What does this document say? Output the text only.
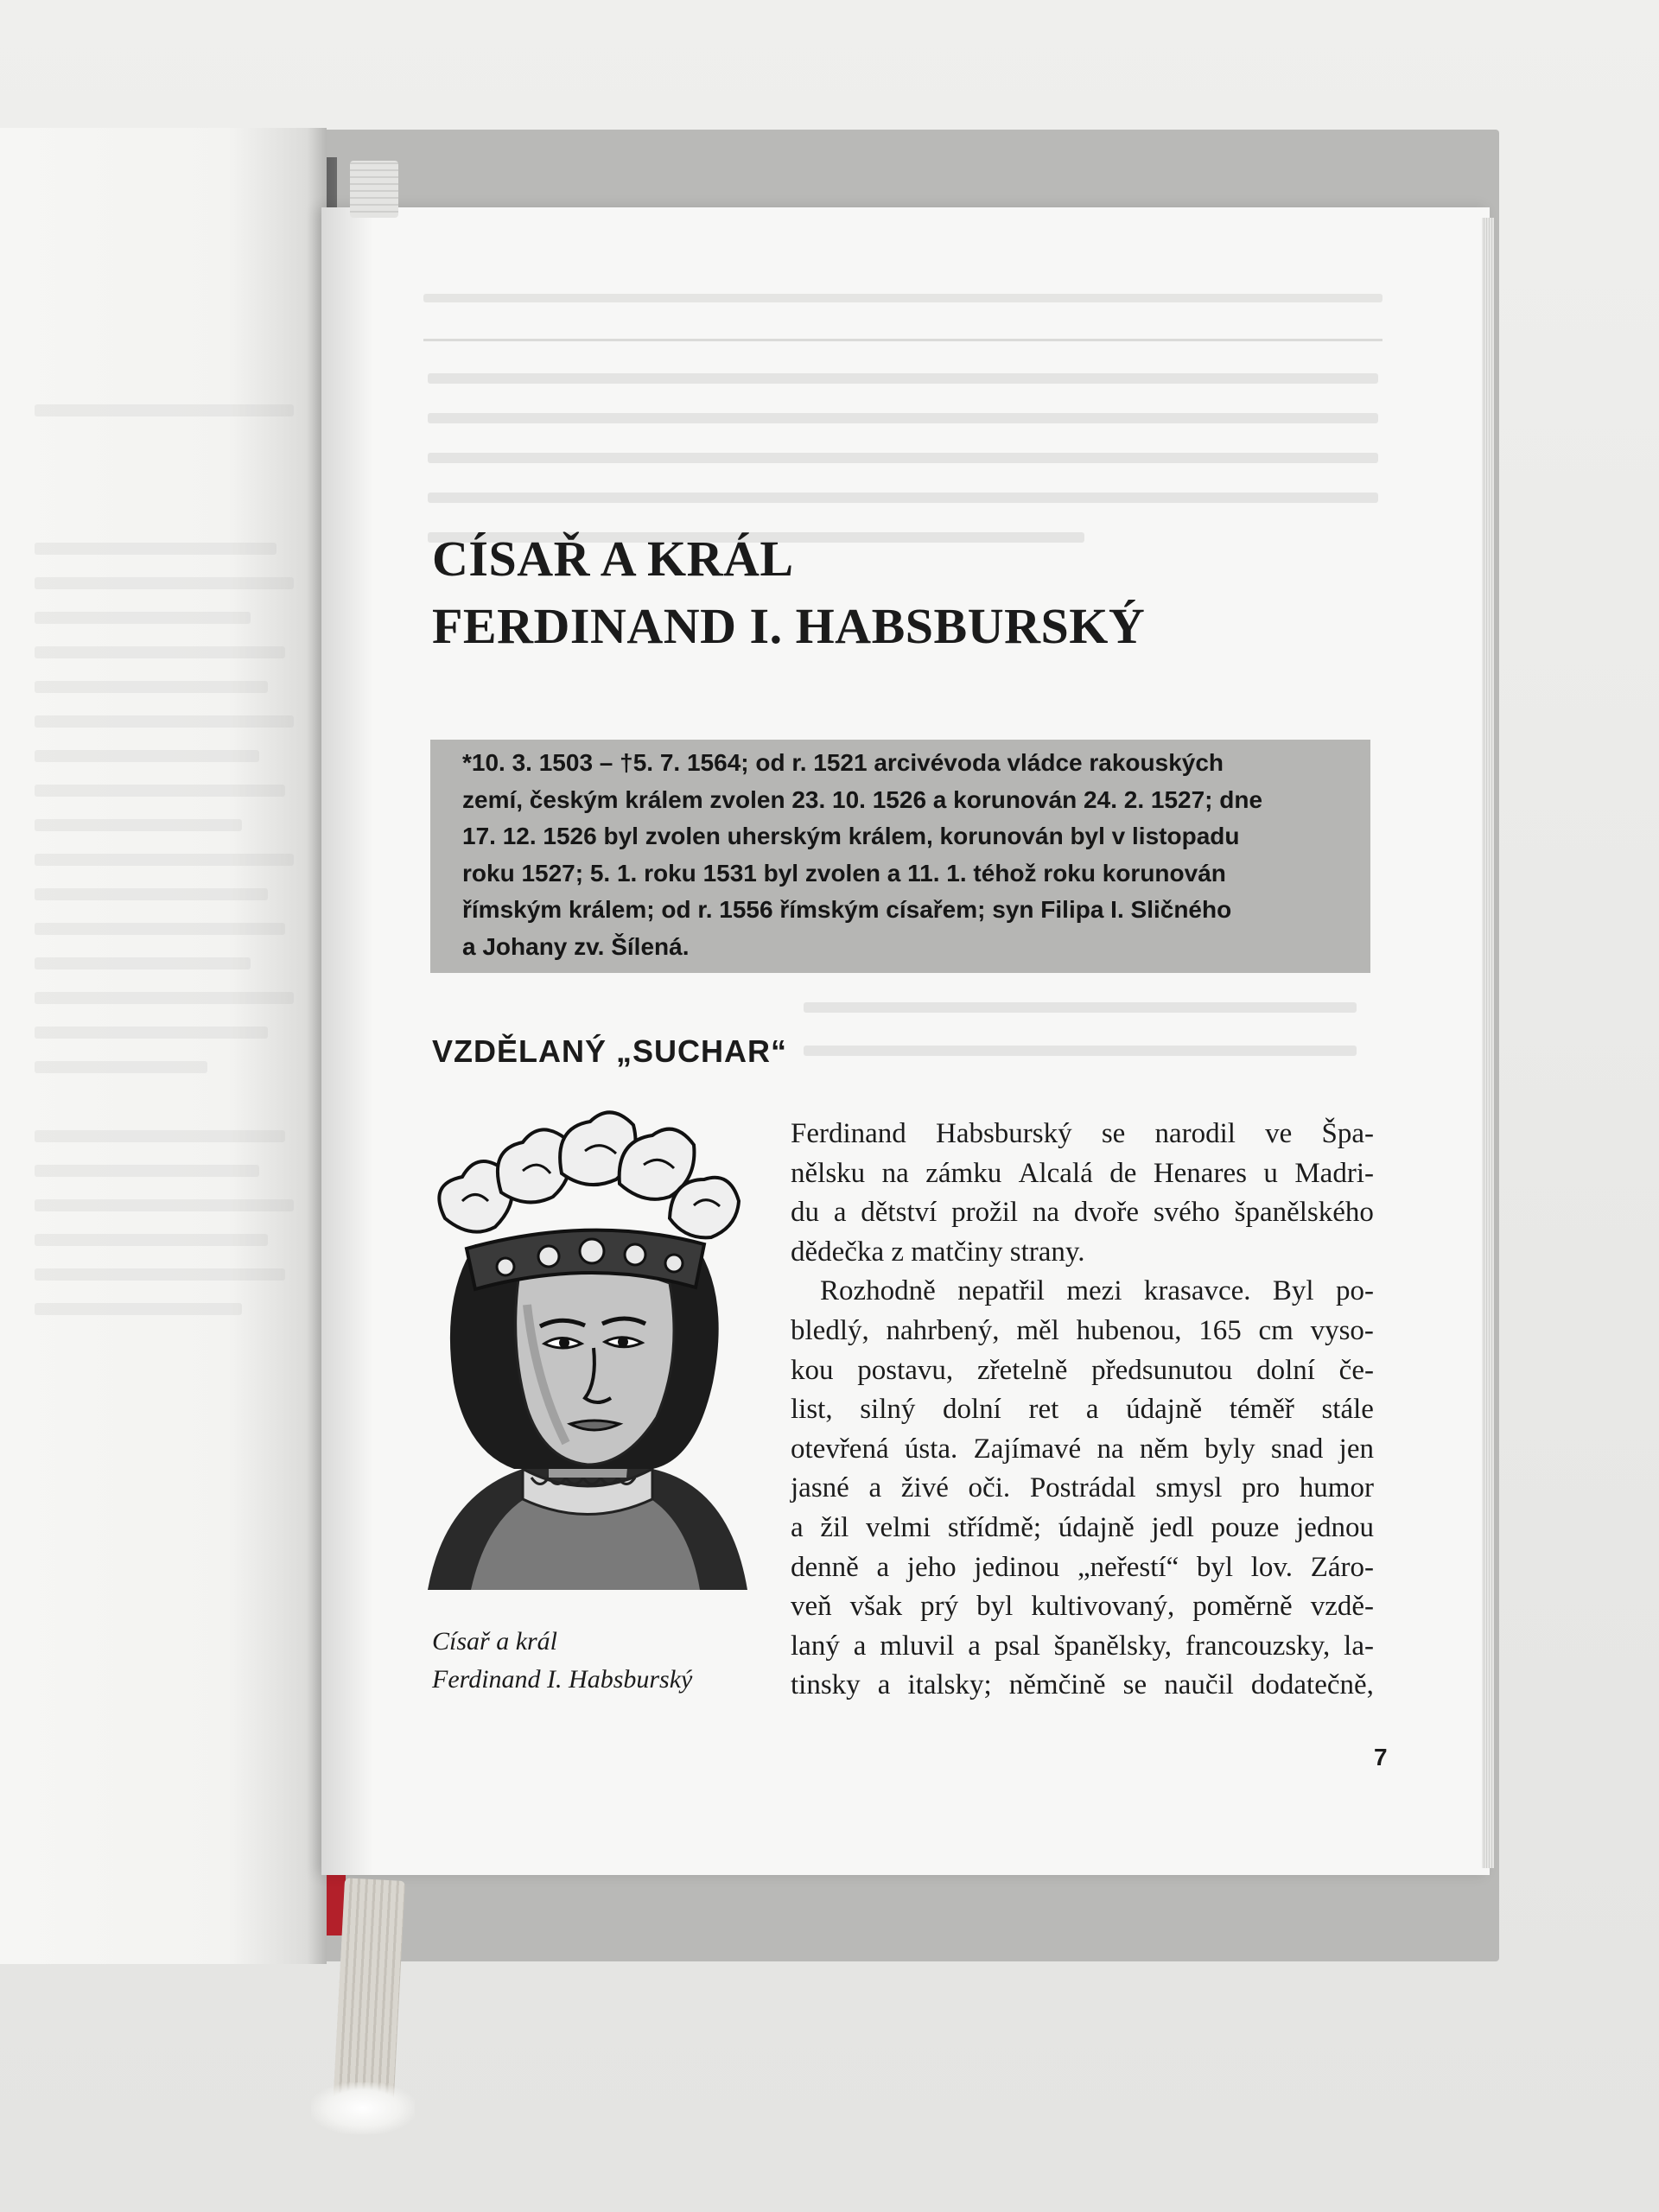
CÍSAŘ A KRÁL
FERDINAND I. HABSBURSKÝ
*10. 3. 1503 – †5. 7. 1564; od r. 1521 arcivévoda vládce rakouských
zemí, českým králem zvolen 23. 10. 1526 a korunován 24. 2. 1527; dne
17. 12. 1526 byl zvolen uherským králem, korunován byl v listopadu
roku 1527; 5. 1. roku 1531 byl zvolen a 11. 1. téhož roku korunován
římským králem; od r. 1556 římským císařem; syn Filipa I. Sličného
a Johany zv. Šílená.
VZDĚLANÝ „SUCHAR“
Císař a král
Ferdinand I. Habsburský
Ferdinand Habsburský se narodil ve Špa-
nělsku na zámku Alcalá de Henares u Madri-
du a dětství prožil na dvoře svého španělského
dědečka z matčiny strany.
Rozhodně nepatřil mezi krasavce. Byl po-
bledlý, nahrbený, měl hubenou, 165 cm vyso-
kou postavu, zřetelně předsunutou dolní če-
list, silný dolní ret a údajně téměř stále
otevřená ústa. Zajímavé na něm byly snad jen
jasné a živé oči. Postrádal smysl pro humor
a žil velmi střídmě; údajně jedl pouze jednou
denně a jeho jedinou „neřestí“ byl lov. Záro-
veň však prý byl kultivovaný, poměrně vzdě-
laný a mluvil a psal španělsky, francouzsky, la-
tinsky a italsky; němčině se naučil dodatečně,
7
